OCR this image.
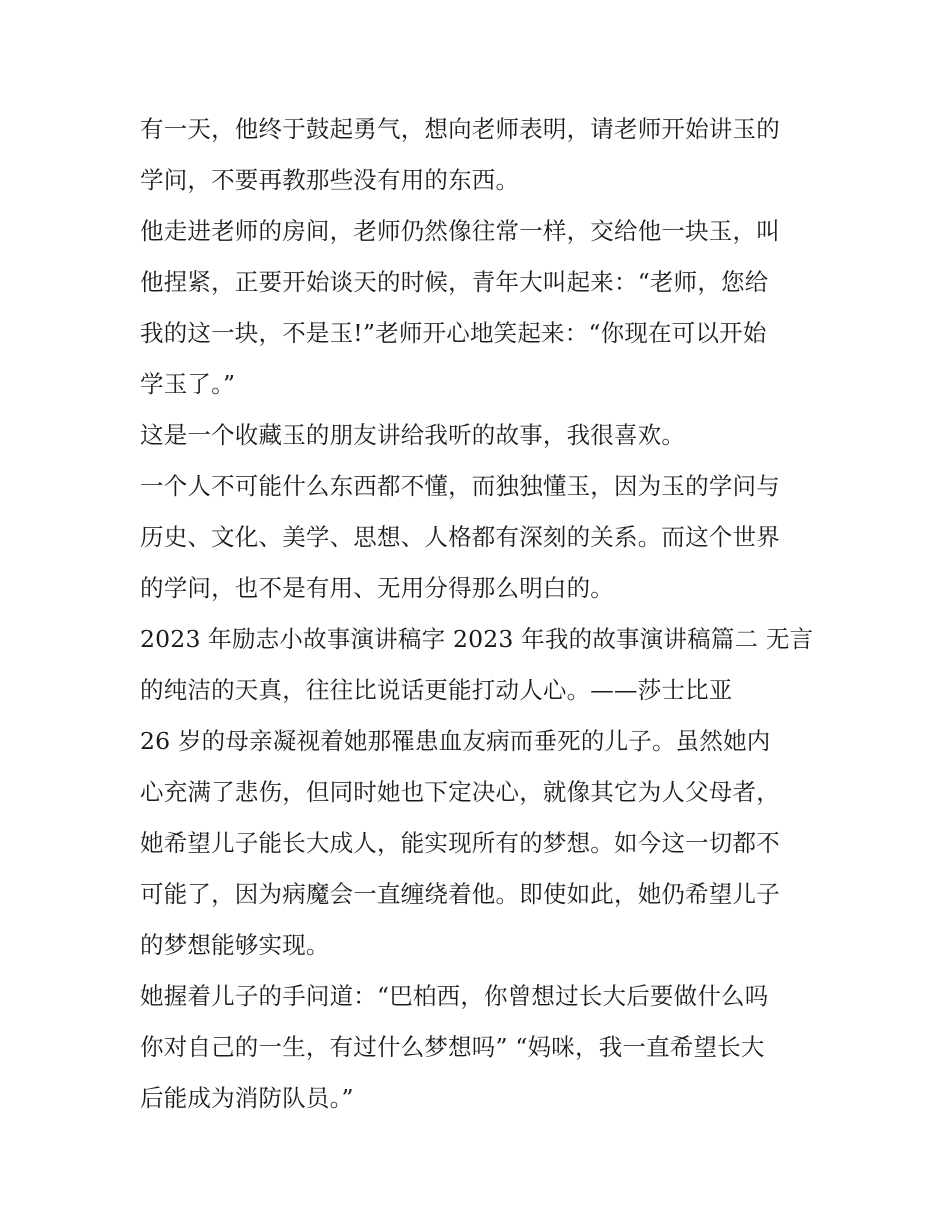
有一天，他终于鼓起勇气，想向老师表明，请老师开始讲玉的
学问，不要再教那些没有用的东西。
他走进老师的房间，老师仍然像往常一样，交给他一块玉，叫
他捏紧，正要开始谈天的时候，青年大叫起来：“老师，您给
我的这一块，不是玉!”老师开心地笑起来：“你现在可以开始
学玉了。”
这是一个收藏玉的朋友讲给我听的故事，我很喜欢。
一个人不可能什么东西都不懂，而独独懂玉，因为玉的学问与
历史、文化、美学、思想、人格都有深刻的关系。而这个世界
的学问，也不是有用、无用分得那么明白的。
2023 年励志小故事演讲稿字 2023 年我的故事演讲稿篇二 无言
的纯洁的天真，往往比说话更能打动人心。——莎士比亚
26 岁的母亲凝视着她那罹患血友病而垂死的儿子。虽然她内
心充满了悲伤，但同时她也下定决心，就像其它为人父母者，
她希望儿子能长大成人，能实现所有的梦想。如今这一切都不
可能了，因为病魔会一直缠绕着他。即使如此，她仍希望儿子
的梦想能够实现。
她握着儿子的手问道：“巴柏西，你曾想过长大后要做什么吗
你对自己的一生，有过什么梦想吗” “妈咪，我一直希望长大
后能成为消防队员。”
